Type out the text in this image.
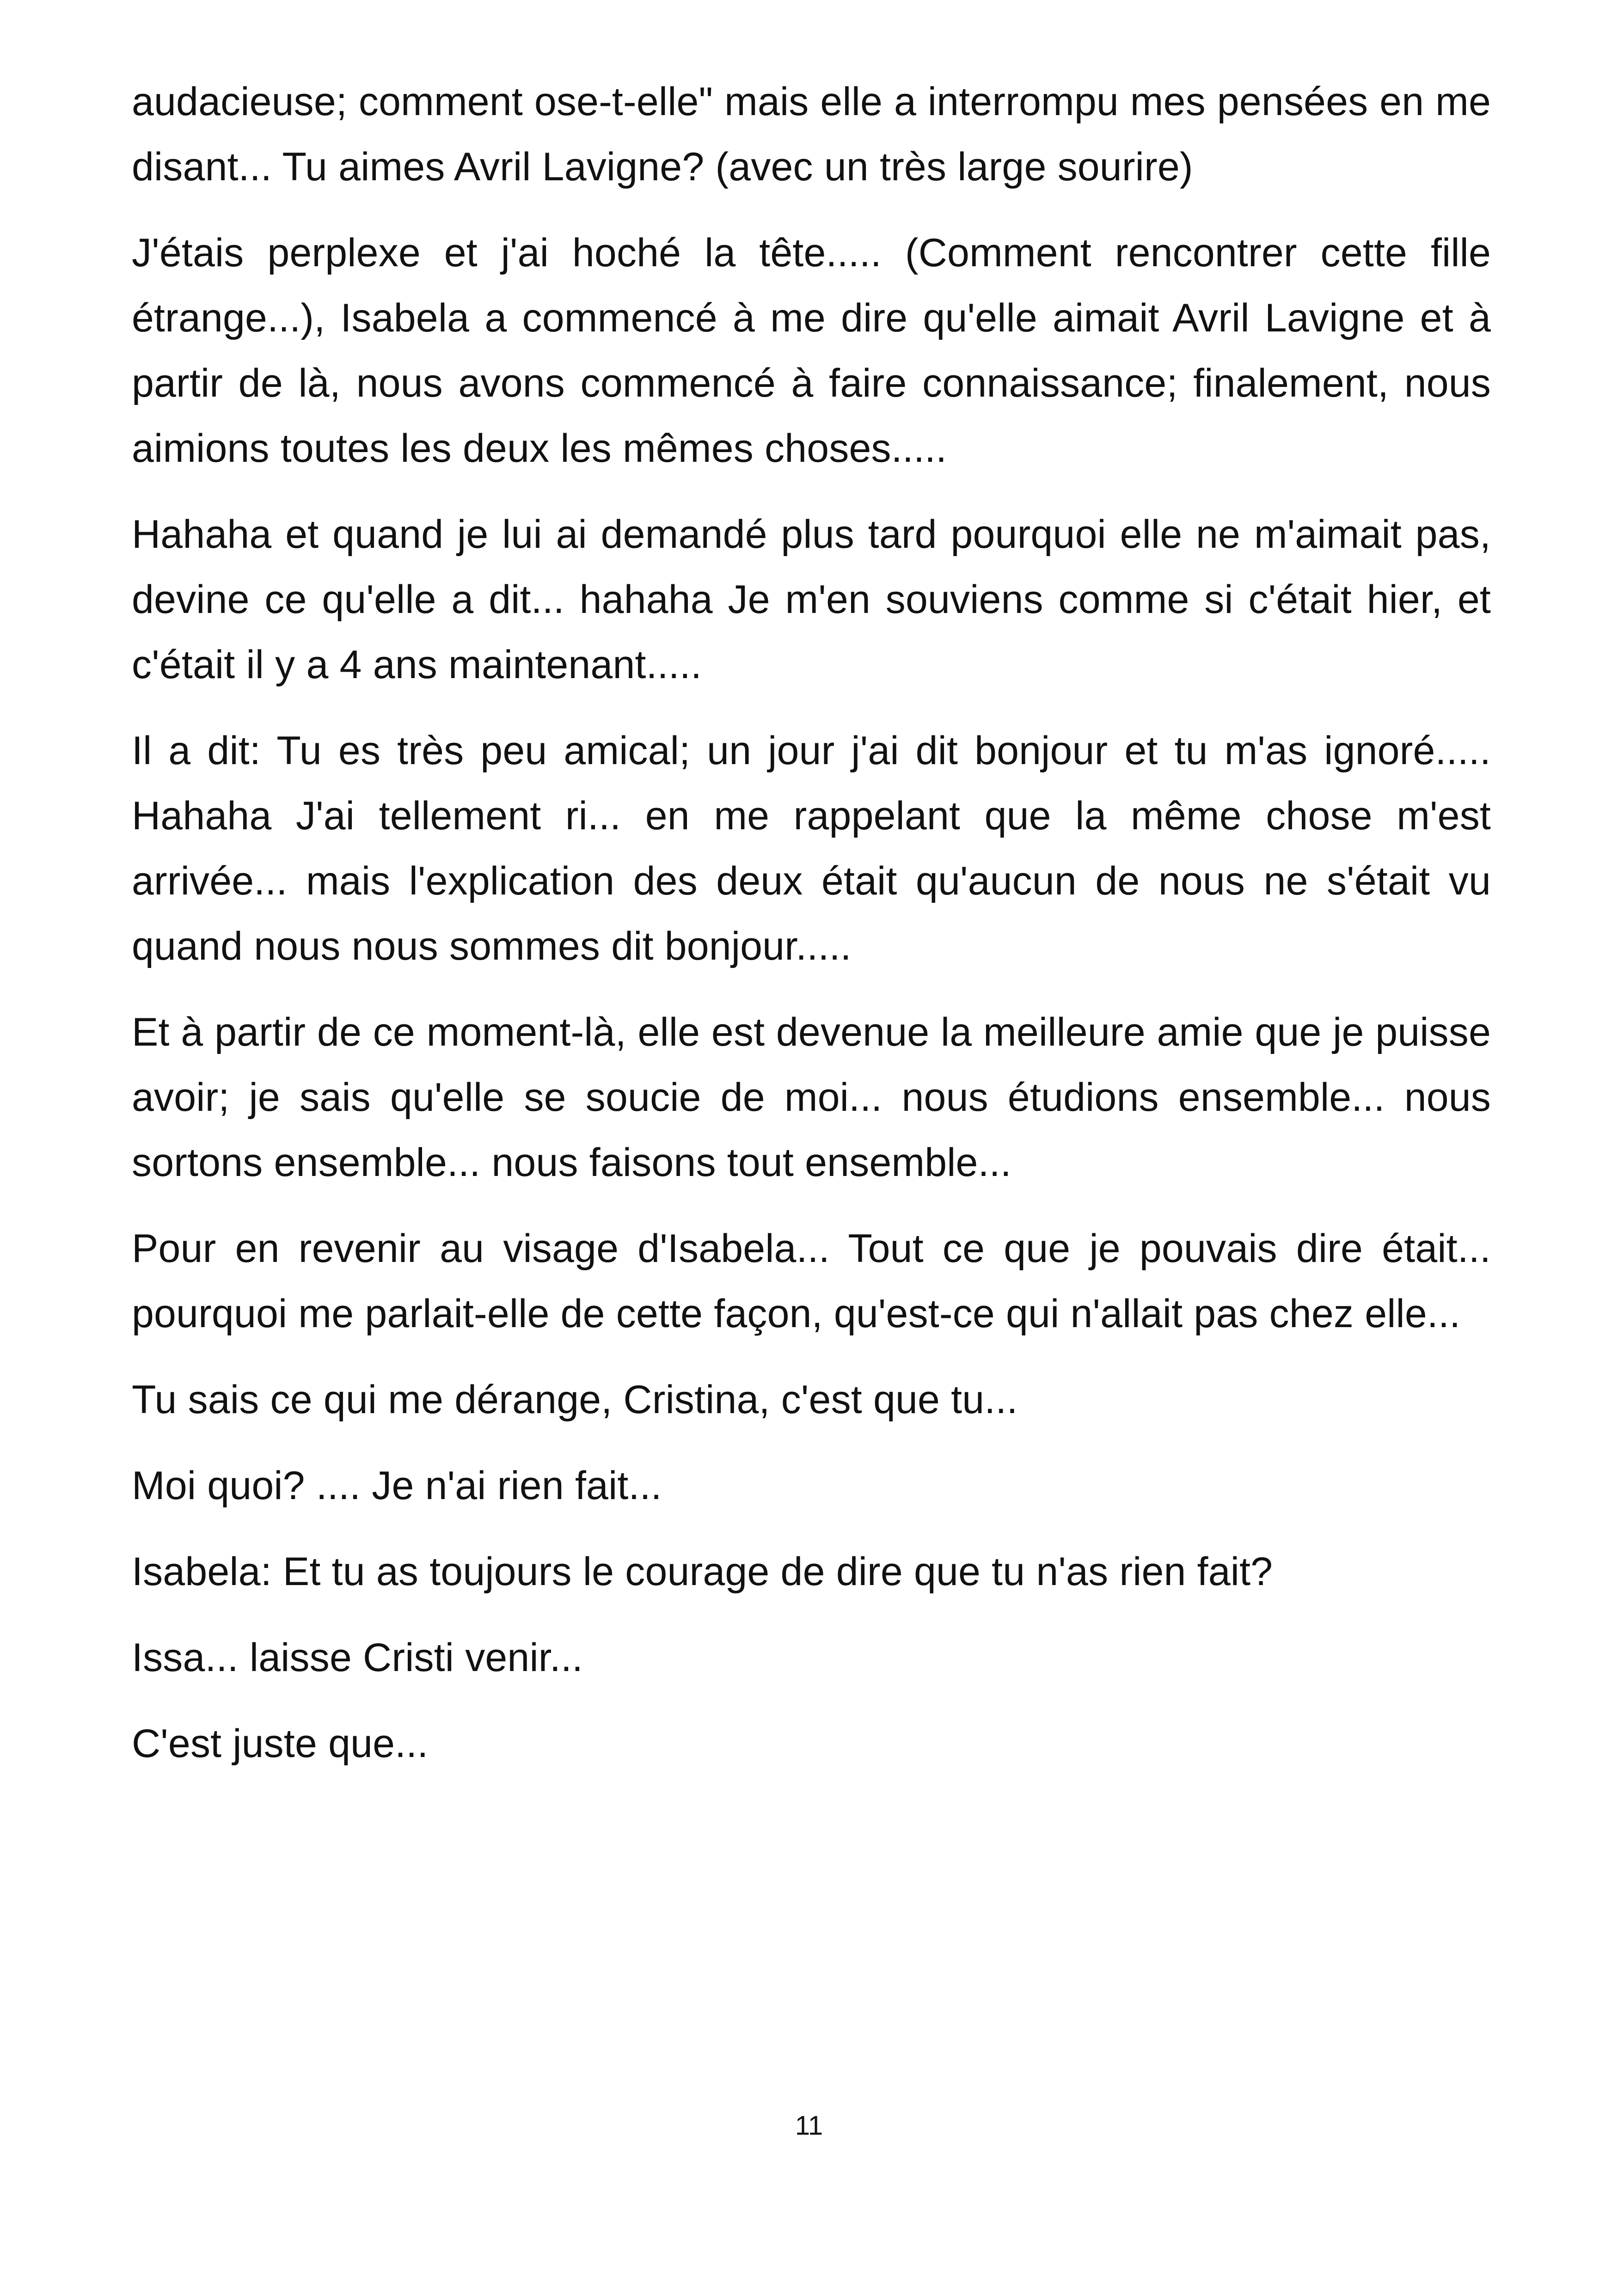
audacieuse; comment ose-t-elle" mais elle a interrompu mes pensées en me disant... Tu aimes Avril Lavigne? (avec un très large sourire)

J'étais perplexe et j'ai hoché la tête..... (Comment rencontrer cette fille étrange...), Isabela a commencé à me dire qu'elle aimait Avril Lavigne et à partir de là, nous avons commencé à faire connaissance; finalement, nous aimions toutes les deux les mêmes choses.....

Hahaha et quand je lui ai demandé plus tard pourquoi elle ne m'aimait pas, devine ce qu'elle a dit... hahaha Je m'en souviens comme si c'était hier, et c'était il y a 4 ans maintenant.....

Il a dit: Tu es très peu amical; un jour j'ai dit bonjour et tu m'as ignoré..... Hahaha J'ai tellement ri... en me rappelant que la même chose m'est arrivée... mais l'explication des deux était qu'aucun de nous ne s'était vu quand nous nous sommes dit bonjour.....

Et à partir de ce moment-là, elle est devenue la meilleure amie que je puisse avoir; je sais qu'elle se soucie de moi... nous étudions ensemble... nous sortons ensemble... nous faisons tout ensemble...

Pour en revenir au visage d'Isabela... Tout ce que je pouvais dire était... pourquoi me parlait-elle de cette façon, qu'est-ce qui n'allait pas chez elle...

Tu sais ce qui me dérange, Cristina, c'est que tu...

Moi quoi? .... Je n'ai rien fait...

Isabela: Et tu as toujours le courage de dire que tu n'as rien fait?

Issa... laisse Cristi venir...

C'est juste que...

11
